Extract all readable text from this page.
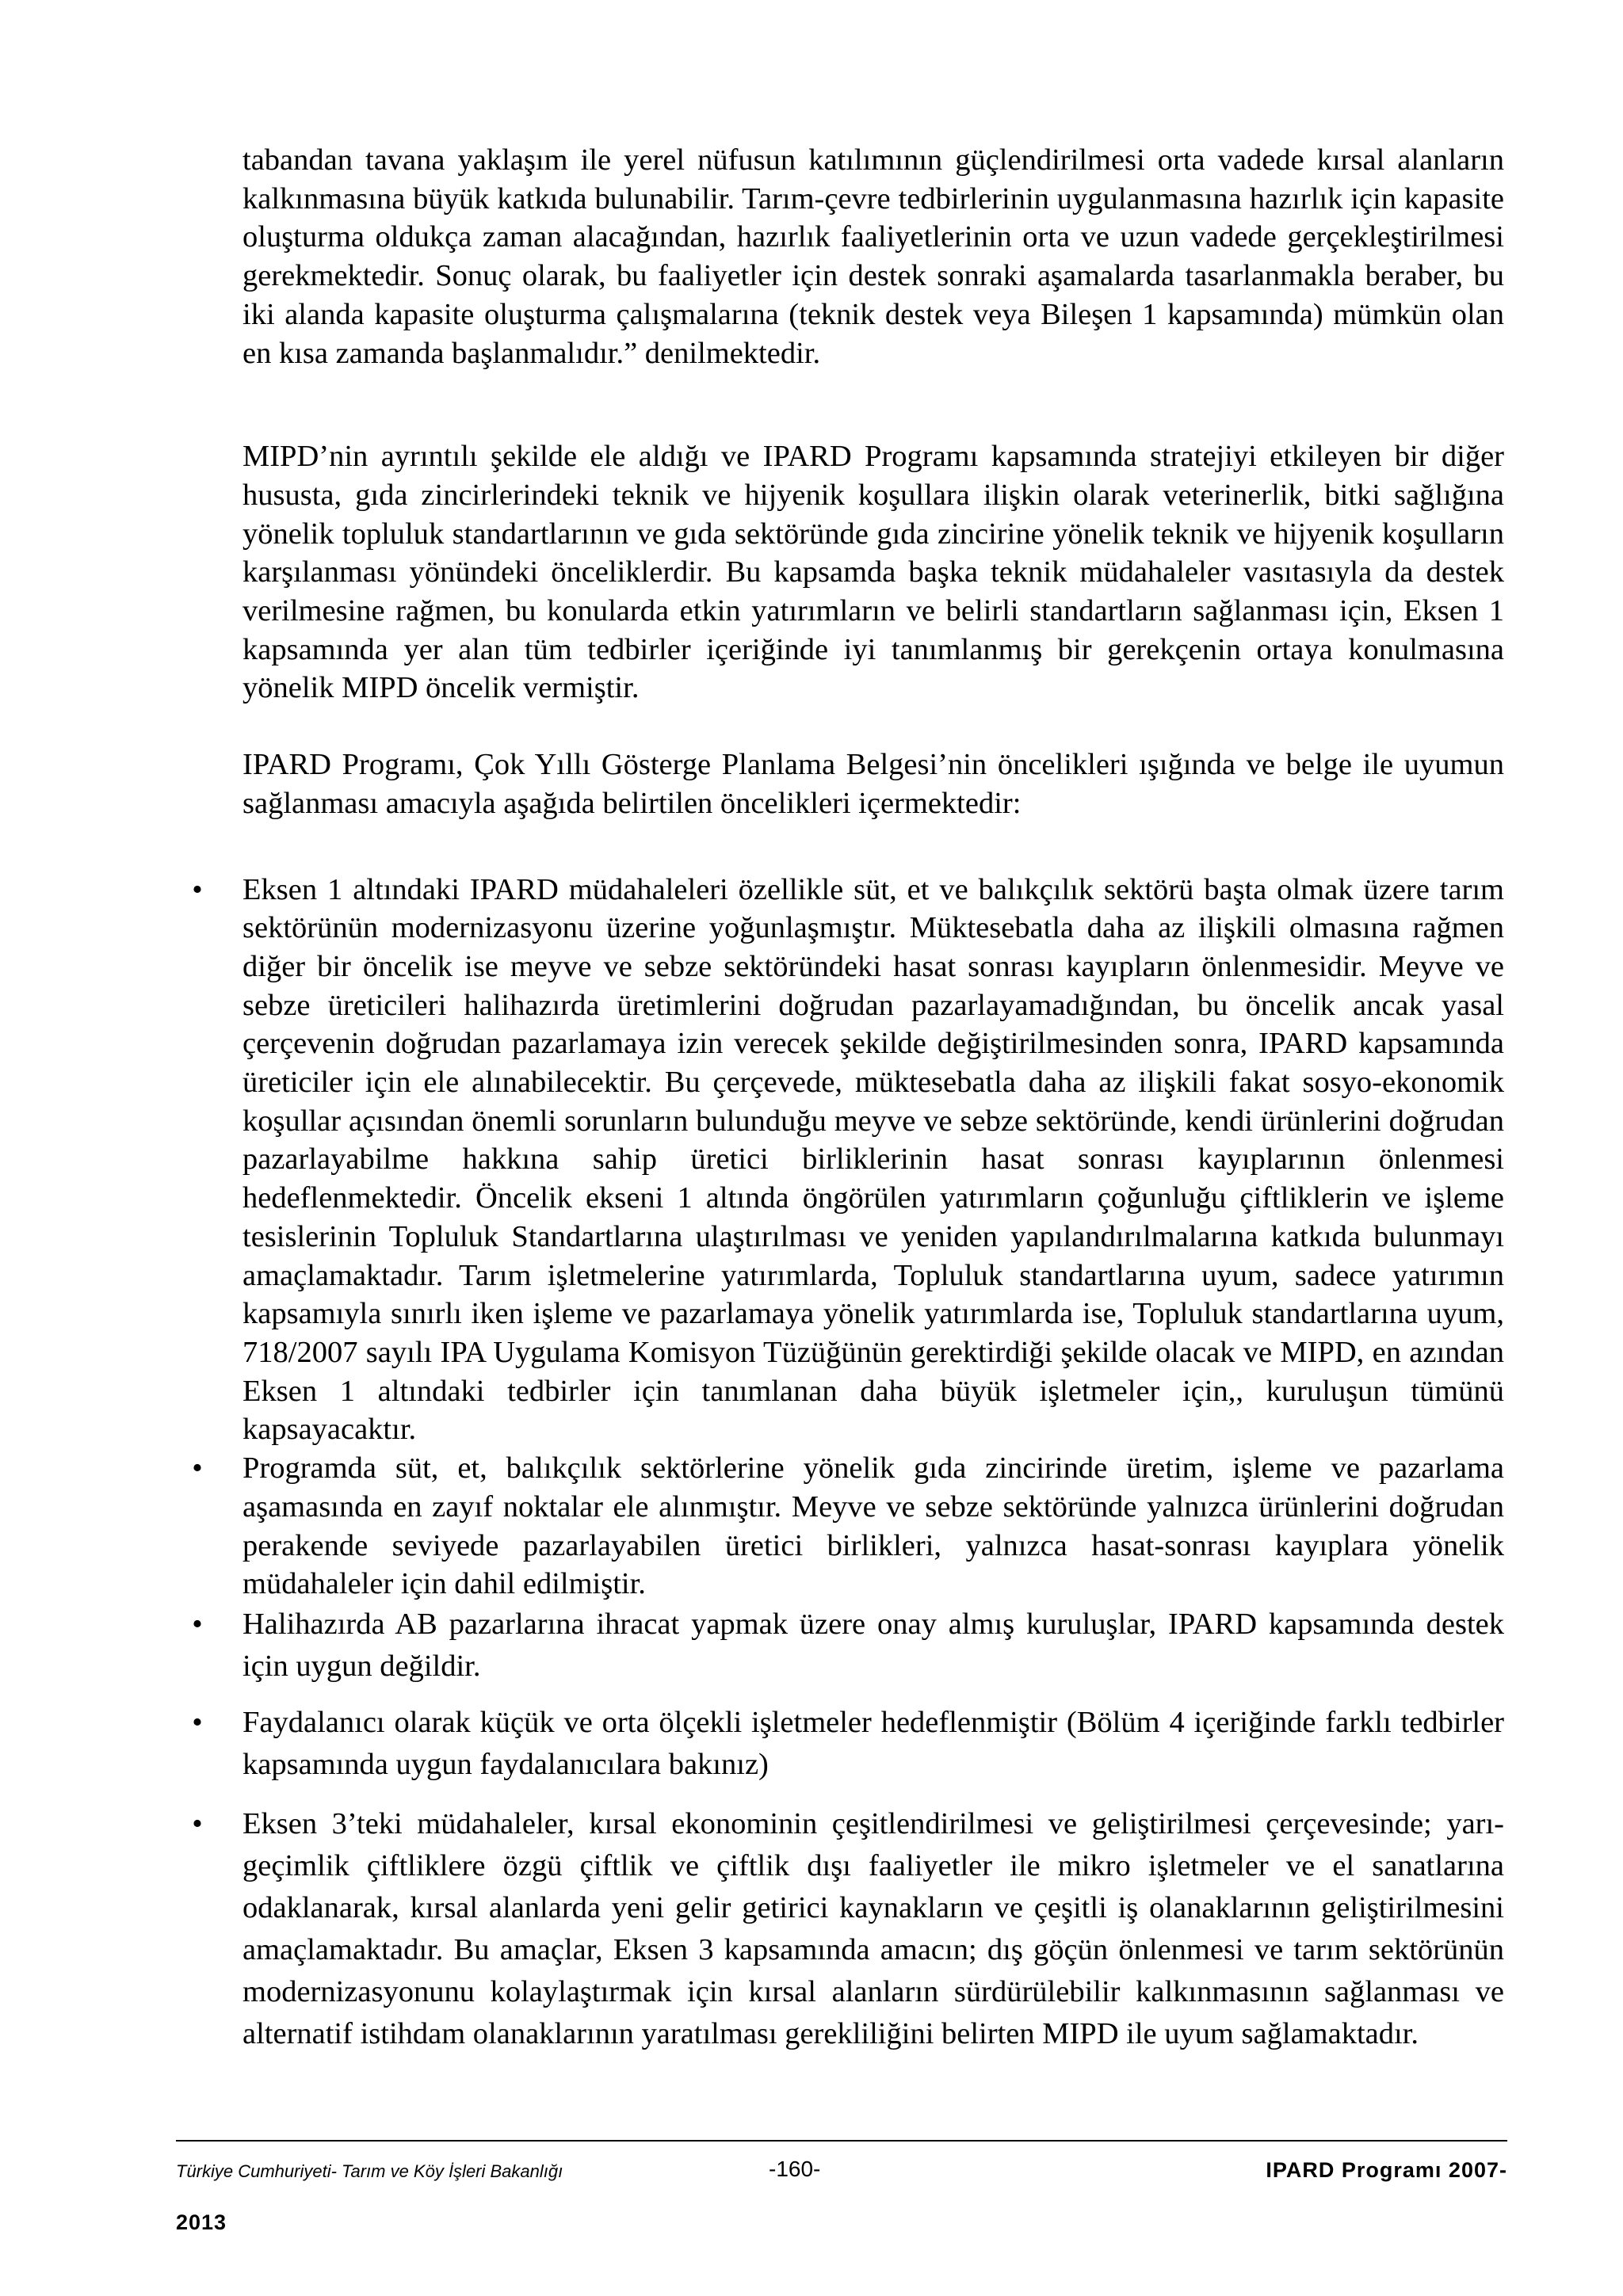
tabandan tavana yaklaşım ile yerel nüfusun katılımının güçlendirilmesi orta vadede kırsal alanların kalkınmasına büyük katkıda bulunabilir. Tarım-çevre tedbirlerinin uygulanmasına hazırlık için kapasite oluşturma oldukça zaman alacağından, hazırlık faaliyetlerinin orta ve uzun vadede gerçekleştirilmesi gerekmektedir. Sonuç olarak, bu faaliyetler için destek sonraki aşamalarda tasarlanmakla beraber, bu iki alanda kapasite oluşturma çalışmalarına (teknik destek veya Bileşen 1 kapsamında) mümkün olan en kısa zamanda başlanmalıdır.” denilmektedir.

MIPD’nin ayrıntılı şekilde ele aldığı ve IPARD Programı kapsamında stratejiyi etkileyen bir diğer hususta, gıda zincirlerindeki teknik ve hijyenik koşullara ilişkin olarak veterinerlik, bitki sağlığına yönelik topluluk standartlarının ve gıda sektöründe gıda zincirine yönelik teknik ve hijyenik koşulların karşılanması yönündeki önceliklerdir. Bu kapsamda başka teknik müdahaleler vasıtasıyla da destek verilmesine rağmen, bu konularda etkin yatırımların ve belirli standartların sağlanması için, Eksen 1 kapsamında yer alan tüm tedbirler içeriğinde iyi tanımlanmış bir gerekçenin ortaya konulmasına yönelik MIPD öncelik vermiştir.

IPARD Programı, Çok Yıllı Gösterge Planlama Belgesi’nin öncelikleri ışığında ve belge ile uyumun sağlanması amacıyla aşağıda belirtilen öncelikleri içermektedir:

• Eksen 1 altındaki IPARD müdahaleleri özellikle süt, et ve balıkçılık sektörü başta olmak üzere tarım sektörünün modernizasyonu üzerine yoğunlaşmıştır. Müktesebatla daha az ilişkili olmasına rağmen diğer bir öncelik ise meyve ve sebze sektöründeki hasat sonrası kayıpların önlenmesidir. Meyve ve sebze üreticileri halihazırda üretimlerini doğrudan pazarlayamadığından, bu öncelik ancak yasal çerçevenin doğrudan pazarlamaya izin verecek şekilde değiştirilmesinden sonra, IPARD kapsamında üreticiler için ele alınabilecektir. Bu çerçevede, müktesebatla daha az ilişkili fakat sosyo-ekonomik koşullar açısından önemli sorunların bulunduğu meyve ve sebze sektöründe, kendi ürünlerini doğrudan pazarlayabilme hakkına sahip üretici birliklerinin hasat sonrası kayıplarının önlenmesi hedeflenmektedir. Öncelik ekseni 1 altında öngörülen yatırımların çoğunluğu çiftliklerin ve işleme tesislerinin Topluluk Standartlarına ulaştırılması ve yeniden yapılandırılmalarına katkıda bulunmayı amaçlamaktadır. Tarım işletmelerine yatırımlarda, Topluluk standartlarına uyum, sadece yatırımın kapsamıyla sınırlı iken işleme ve pazarlamaya yönelik yatırımlarda ise, Topluluk standartlarına uyum, 718/2007 sayılı IPA Uygulama Komisyon Tüzüğünün gerektirdiği şekilde olacak ve MIPD, en azından Eksen 1 altındaki tedbirler için tanımlanan daha büyük işletmeler için,, kuruluşun tümünü kapsayacaktır.
• Programda süt, et, balıkçılık sektörlerine yönelik gıda zincirinde üretim, işleme ve pazarlama aşamasında en zayıf noktalar ele alınmıştır. Meyve ve sebze sektöründe yalnızca ürünlerini doğrudan perakende seviyede pazarlayabilen üretici birlikleri, yalnızca hasat-sonrası kayıplara yönelik müdahaleler için dahil edilmiştir.
• Halihazırda AB pazarlarına ihracat yapmak üzere onay almış kuruluşlar, IPARD kapsamında destek için uygun değildir.
• Faydalanıcı olarak küçük ve orta ölçekli işletmeler hedeflenmiştir (Bölüm 4 içeriğinde farklı tedbirler kapsamında uygun faydalanıcılara bakınız)
• Eksen 3’teki müdahaleler, kırsal ekonominin çeşitlendirilmesi ve geliştirilmesi çerçevesinde; yarı-geçimlik çiftliklere özgü çiftlik ve çiftlik dışı faaliyetler ile mikro işletmeler ve el sanatlarına odaklanarak, kırsal alanlarda yeni gelir getirici kaynakların ve çeşitli iş olanaklarının geliştirilmesini amaçlamaktadır. Bu amaçlar, Eksen 3 kapsamında amacın; dış göçün önlenmesi ve tarım sektörünün modernizasyonunu kolaylaştırmak için kırsal alanların sürdürülebilir kalkınmasının sağlanması ve alternatif istihdam olanaklarının yaratılması gerekliliğini belirten MIPD ile uyum sağlamaktadır.
Türkiye Cumhuriyeti- Tarım ve Köy İşleri Bakanlığı	-160-	IPARD Programı 2007-
2013
